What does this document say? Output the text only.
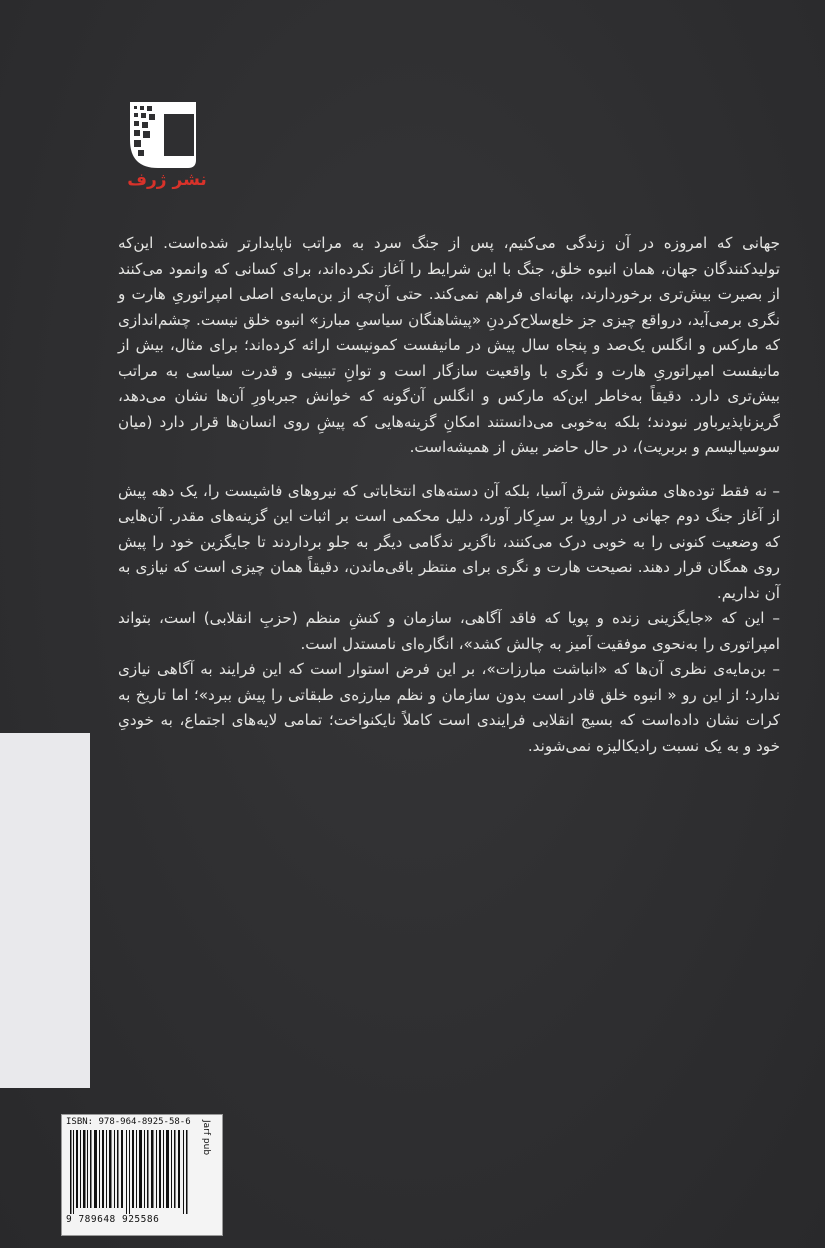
نشر ژرف

جهانی که امروزه در آن زندگی می‌کنیم، پس از جنگ سرد به مراتب ناپایدارتر شده‌است. این‌که تولیدکنندگان جهان، همان انبوه خلق، جنگ با این شرایط را آغاز نکرده‌اند، برای کسانی که وانمود می‌کنند از بصیرت بیش‌تری برخوردارند، بهانه‌ای فراهم نمی‌کند. حتی آن‌چه از بن‌مایه‌ی اصلی امپراتوریِ هارت و نگری برمی‌آید، درواقع چیزی جز خلع‌سلاح‌کردنِ «پیشاهنگان سیاسیِ مبارز» انبوه خلق نیست. چشم‌اندازی که مارکس و انگلس یک‌صد و پنجاه سال پیش در مانیفست کمونیست ارائه کرده‌اند؛ برای مثال، بیش از مانیفست امپراتوریِ هارت و نگری با واقعیت سازگار است و توانِ تبیینی و قدرت سیاسی به مراتب بیش‌تری دارد. دقیقاً به‌خاطر این‌که مارکس و انگلس آن‌گونه که خوانش جبرباورِ آن‌ها نشان می‌دهد، گریزناپذیرباور نبودند؛ بلکه به‌خوبی می‌دانستند امکانِ گزینه‌هایی که پیشِ روی انسان‌ها قرار دارد (میان سوسیالیسم و بربریت)، در حال حاضر بیش از همیشه‌است.

– نه فقط توده‌های مشوش شرق آسیا، بلکه آن دسته‌های انتخاباتی که نیروهای فاشیست را، یک دهه پیش از آغاز جنگ دوم جهانی در اروپا بر سرِکار آورد، دلیل محکمی است بر اثبات این گزینه‌های مقدر. آن‌هایی که وضعیت کنونی را به خوبی درک می‌کنند، ناگزیر ندگامی دیگر به جلو برداردند تا جایگزین خود را پیش روی همگان قرار دهند. نصیحت هارت و نگری برای منتظر باقی‌ماندن، دقیقاً همان چیزی است که نیازی به آن نداریم.

– این که «جایگزینی زنده و پویا که فاقد آگاهی، سازمان و کنشِ منظم (حزبِ انقلابی) است، بتواند امپراتوری را به‌نحوی موفقیت آمیز به چالش کشد»، انگاره‌ای نامستدل است.

– بن‌مایه‌ی نظری آن‌ها که «انباشت مبارزات»، بر این فرض استوار است که این فرایند به آگاهی نیازی ندارد؛ از این رو « انبوه خلق قادر است بدون سازمان و نظم مبارزه‌ی طبقاتی را پیش ببرد»؛ اما تاریخ به کرات نشان داده‌است که بسیج انقلابی فرایندی است کاملاً نایکنواخت؛ تمامی لایه‌های اجتماع، به خودیِ خود و به یک نسبت رادیکالیزه نمی‌شوند.

ISBN: 978-964-8925-58-6	Jarf pub
9 789648 925586
